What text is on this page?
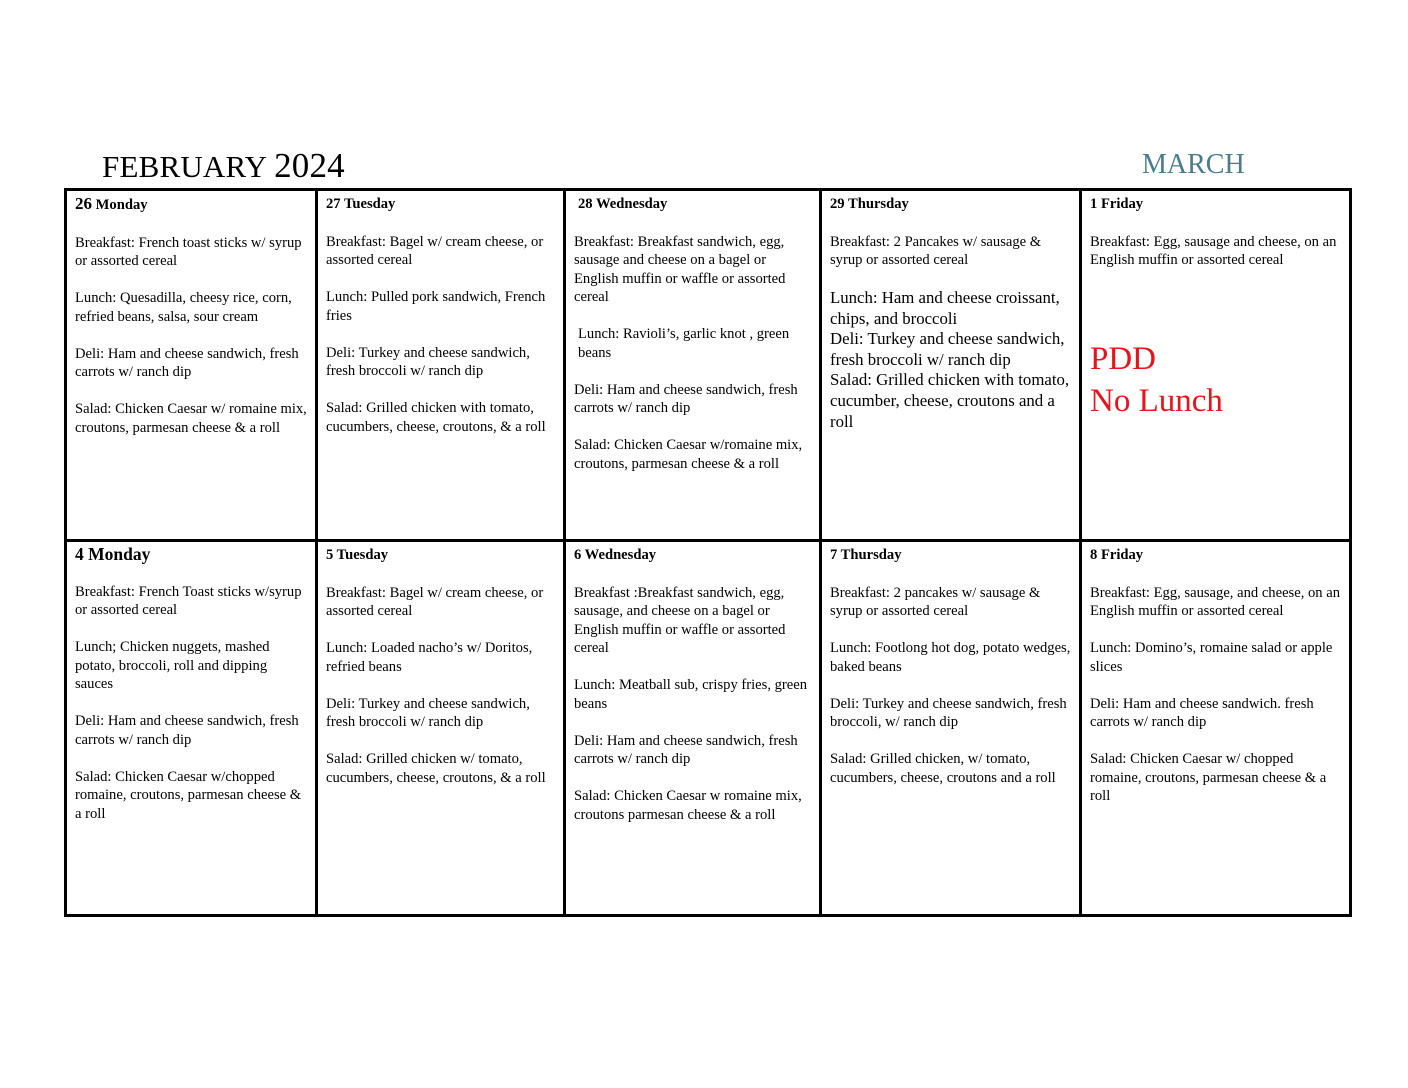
FEBRUARY 2024	MARCH

26 Monday

Breakfast: French toast sticks w/ syrup or assorted cereal

Lunch: Quesadilla, cheesy rice, corn, refried beans, salsa, sour cream

Deli: Ham and cheese sandwich, fresh carrots w/ ranch dip

Salad: Chicken Caesar w/ romaine mix, croutons, parmesan cheese & a roll

27 Tuesday

Breakfast: Bagel w/ cream cheese, or assorted cereal

Lunch: Pulled pork sandwich, French fries

Deli: Turkey and cheese sandwich, fresh broccoli w/ ranch dip

Salad: Grilled chicken with tomato, cucumbers, cheese, croutons, & a roll

28 Wednesday

Breakfast: Breakfast sandwich, egg, sausage and cheese on a bagel or English muffin or waffle or assorted cereal

Lunch: Ravioli’s, garlic knot , green beans

Deli: Ham and cheese sandwich, fresh carrots w/ ranch dip

Salad: Chicken Caesar w/romaine mix, croutons, parmesan cheese & a roll

29 Thursday

Breakfast: 2 Pancakes w/ sausage & syrup or assorted cereal

Lunch: Ham and cheese croissant, chips, and broccoli

Deli: Turkey and cheese sandwich, fresh broccoli w/ ranch dip

Salad: Grilled chicken with tomato, cucumber, cheese, croutons and a roll

1 Friday

Breakfast: Egg, sausage and cheese, on an English muffin or assorted cereal

PDD

No Lunch

4 Monday

Breakfast: French Toast sticks w/syrup or assorted cereal

Lunch; Chicken nuggets, mashed potato, broccoli, roll and dipping sauces

Deli: Ham and cheese sandwich, fresh carrots w/ ranch dip

Salad: Chicken Caesar w/chopped romaine, croutons, parmesan cheese & a roll

5 Tuesday

Breakfast: Bagel w/ cream cheese, or assorted cereal

Lunch: Loaded nacho’s w/ Doritos, refried beans

Deli: Turkey and cheese sandwich, fresh broccoli w/ ranch dip

Salad: Grilled chicken w/ tomato, cucumbers, cheese, croutons, & a roll

6 Wednesday

Breakfast :Breakfast sandwich, egg, sausage, and cheese on a bagel or English muffin or waffle or assorted cereal

Lunch: Meatball sub, crispy fries, green beans

Deli: Ham and cheese sandwich, fresh carrots w/ ranch dip

Salad: Chicken Caesar w romaine mix, croutons parmesan cheese & a roll

7 Thursday

Breakfast: 2 pancakes w/ sausage & syrup or assorted cereal

Lunch: Footlong hot dog, potato wedges, baked beans

Deli: Turkey and cheese sandwich, fresh broccoli, w/ ranch dip

Salad: Grilled chicken, w/ tomato, cucumbers, cheese, croutons and a roll

8 Friday

Breakfast: Egg, sausage, and cheese, on an English muffin or assorted cereal

Lunch: Domino’s, romaine salad or apple slices

Deli: Ham and cheese sandwich. fresh carrots w/ ranch dip

Salad: Chicken Caesar w/ chopped romaine, croutons, parmesan cheese & a roll
